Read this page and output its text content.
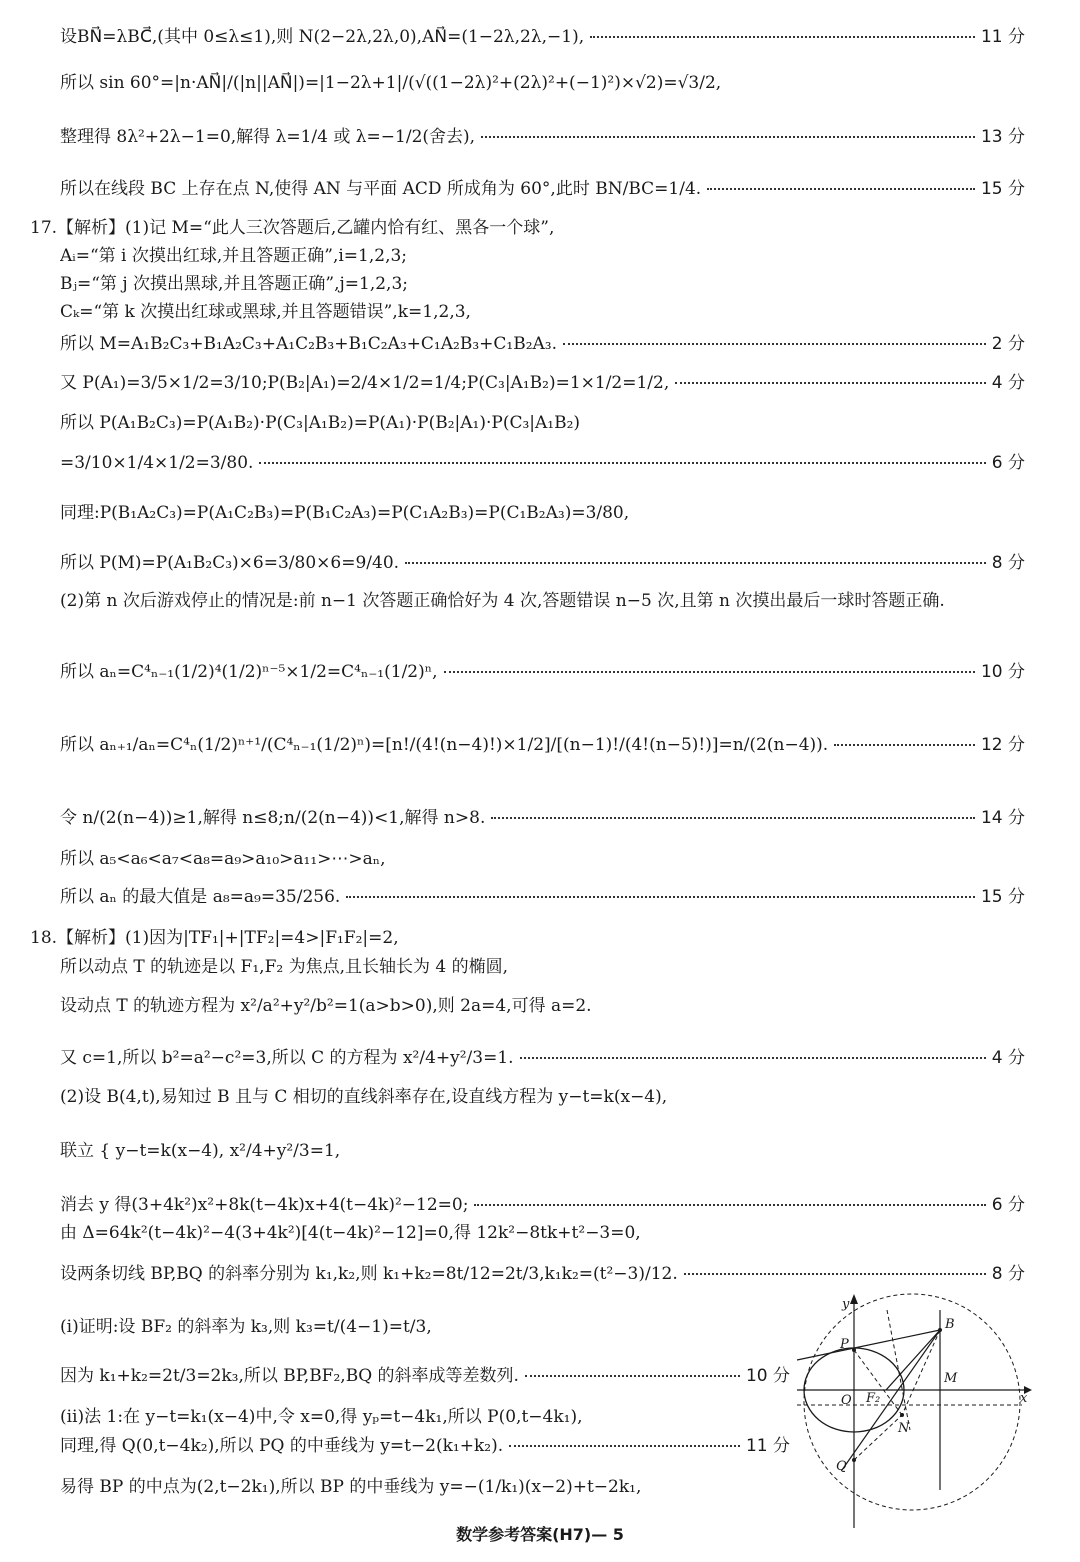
设BN⃗=λBC⃗,(其中 0≤λ≤1),则 N(2−2λ,2λ,0),AN⃗=(1−2λ,2λ,−1),	11 分
所以 sin 60°=|n·AN⃗|/(|n||AN⃗|)=|1−2λ+1|/(√((1−2λ)²+(2λ)²+(−1)²)×√2)=√3/2,
整理得 8λ²+2λ−1=0,解得 λ=1/4 或 λ=−1/2(舍去),	13 分
所以在线段 BC 上存在点 N,使得 AN 与平面 ACD 所成角为 60°,此时 BN/BC=1/4.	15 分
17.【解析】(1)记 M=“此人三次答题后,乙罐内恰有红、黑各一个球”,
Aᵢ=“第 i 次摸出红球,并且答题正确”,i=1,2,3;
Bⱼ=“第 j 次摸出黑球,并且答题正确”,j=1,2,3;
Cₖ=“第 k 次摸出红球或黑球,并且答题错误”,k=1,2,3,
所以 M=A₁B₂C₃+B₁A₂C₃+A₁C₂B₃+B₁C₂A₃+C₁A₂B₃+C₁B₂A₃.	2 分
又 P(A₁)=3/5×1/2=3/10;P(B₂|A₁)=2/4×1/2=1/4;P(C₃|A₁B₂)=1×1/2=1/2,	4 分
所以 P(A₁B₂C₃)=P(A₁B₂)·P(C₃|A₁B₂)=P(A₁)·P(B₂|A₁)·P(C₃|A₁B₂)
=3/10×1/4×1/2=3/80.	6 分
同理:P(B₁A₂C₃)=P(A₁C₂B₃)=P(B₁C₂A₃)=P(C₁A₂B₃)=P(C₁B₂A₃)=3/80,
所以 P(M)=P(A₁B₂C₃)×6=3/80×6=9/40.	8 分
(2)第 n 次后游戏停止的情况是:前 n−1 次答题正确恰好为 4 次,答题错误 n−5 次,且第 n 次摸出最后一球时答题正确.
所以 aₙ=C⁴ₙ₋₁(1/2)⁴(1/2)ⁿ⁻⁵×1/2=C⁴ₙ₋₁(1/2)ⁿ,	10 分
所以 aₙ₊₁/aₙ=C⁴ₙ(1/2)ⁿ⁺¹/(C⁴ₙ₋₁(1/2)ⁿ)=[n!/(4!(n−4)!)×1/2]/[(n−1)!/(4!(n−5)!)]=n/(2(n−4)).	12 分
令 n/(2(n−4))≥1,解得 n≤8;n/(2(n−4))<1,解得 n>8.	14 分
所以 a₅<a₆<a₇<a₈=a₉>a₁₀>a₁₁>⋯>aₙ,
所以 aₙ 的最大值是 a₈=a₉=35/256.	15 分
18.【解析】(1)因为|TF₁|+|TF₂|=4>|F₁F₂|=2,
所以动点 T 的轨迹是以 F₁,F₂ 为焦点,且长轴长为 4 的椭圆,
设动点 T 的轨迹方程为 x²/a²+y²/b²=1(a>b>0),则 2a=4,可得 a=2.
又 c=1,所以 b²=a²−c²=3,所以 C 的方程为 x²/4+y²/3=1.	4 分
(2)设 B(4,t),易知过 B 且与 C 相切的直线斜率存在,设直线方程为 y−t=k(x−4),
联立 { y−t=k(x−4), x²/4+y²/3=1,
消去 y 得(3+4k²)x²+8k(t−4k)x+4(t−4k)²−12=0;	6 分
由 Δ=64k²(t−4k)²−4(3+4k²)[4(t−4k)²−12]=0,得 12k²−8tk+t²−3=0,
设两条切线 BP,BQ 的斜率分别为 k₁,k₂,则 k₁+k₂=8t/12=2t/3,k₁k₂=(t²−3)/12.	8 分
(ⅰ)证明:设 BF₂ 的斜率为 k₃,则 k₃=t/(4−1)=t/3,
因为 k₁+k₂=2t/3=2k₃,所以 BP,BF₂,BQ 的斜率成等差数列.	10 分
(ⅱ)法 1:在 y−t=k₁(x−4)中,令 x=0,得 yₚ=t−4k₁,所以 P(0,t−4k₁),
同理,得 Q(0,t−4k₂),所以 PQ 的中垂线为 y=t−2(k₁+k₂).	11 分
易得 BP 的中点为(2,t−2k₁),所以 BP 的中垂线为 y=−(1/k₁)(x−2)+t−2k₁,
y
x
P
B
M
O F₂
N
Q
数学参考答案(H7)— 5
